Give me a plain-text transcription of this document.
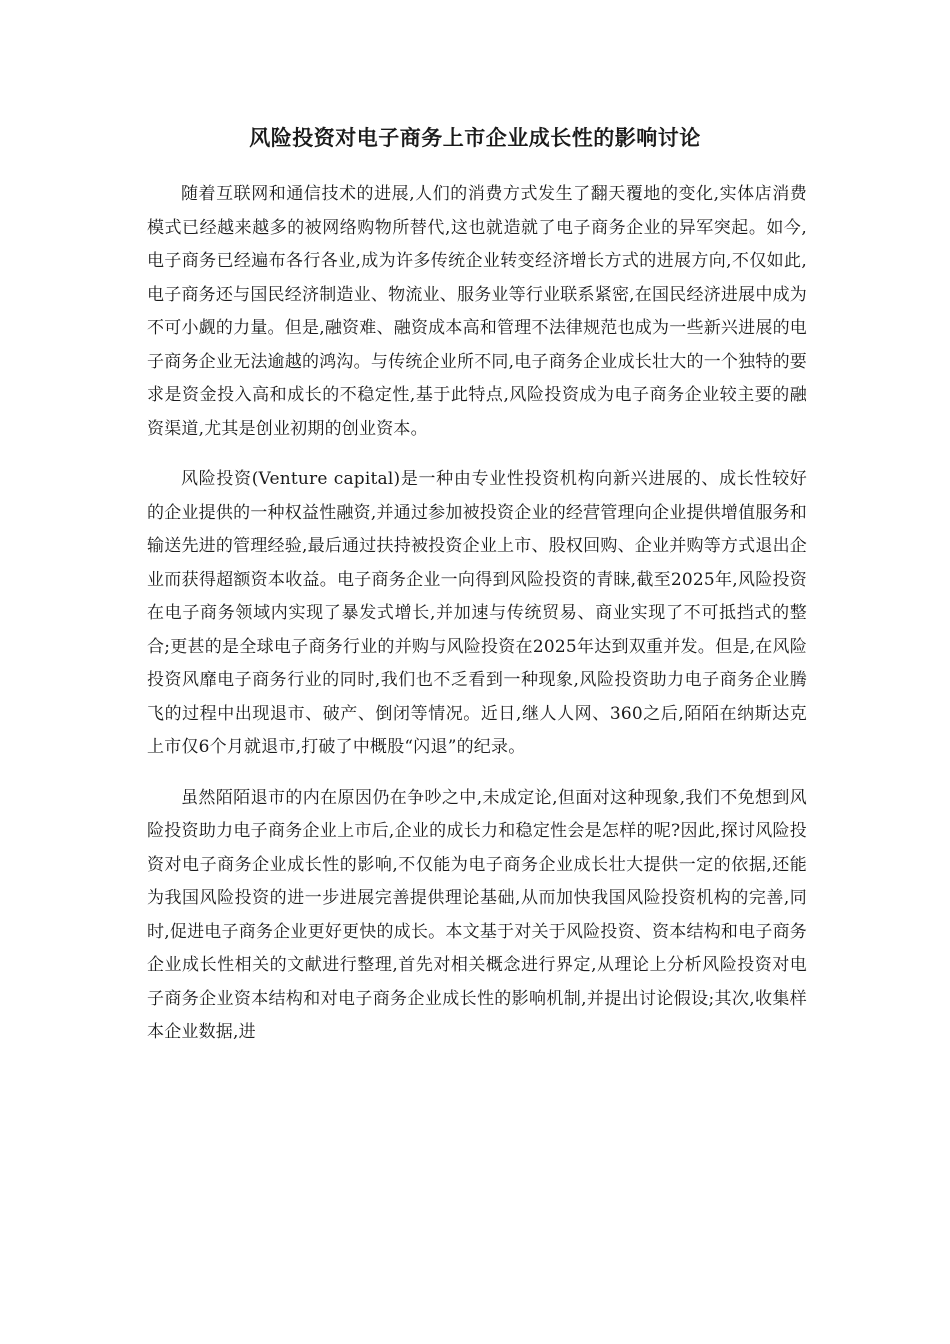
风险投资对电子商务上市企业成长性的影响讨论

随着互联网和通信技术的进展,人们的消费方式发生了翻天覆地的变化,实体店消费模式已经越来越多的被网络购物所替代,这也就造就了电子商务企业的异军突起。如今,电子商务已经遍布各行各业,成为许多传统企业转变经济增长方式的进展方向,不仅如此,电子商务还与国民经济制造业、物流业、服务业等行业联系紧密,在国民经济进展中成为不可小觑的力量。但是,融资难、融资成本高和管理不法律规范也成为一些新兴进展的电子商务企业无法逾越的鸿沟。与传统企业所不同,电子商务企业成长壮大的一个独特的要求是资金投入高和成长的不稳定性,基于此特点,风险投资成为电子商务企业较主要的融资渠道,尤其是创业初期的创业资本。

风险投资(Venture capital)是一种由专业性投资机构向新兴进展的、成长性较好的企业提供的一种权益性融资,并通过参加被投资企业的经营管理向企业提供增值服务和输送先进的管理经验,最后通过扶持被投资企业上市、股权回购、企业并购等方式退出企业而获得超额资本收益。电子商务企业一向得到风险投资的青睐,截至2025年,风险投资在电子商务领域内实现了暴发式增长,并加速与传统贸易、商业实现了不可抵挡式的整合;更甚的是全球电子商务行业的并购与风险投资在2025年达到双重并发。但是,在风险投资风靡电子商务行业的同时,我们也不乏看到一种现象,风险投资助力电子商务企业腾飞的过程中出现退市、破产、倒闭等情况。近日,继人人网、360之后,陌陌在纳斯达克上市仅6个月就退市,打破了中概股“闪退”的纪录。

虽然陌陌退市的内在原因仍在争吵之中,未成定论,但面对这种现象,我们不免想到风险投资助力电子商务企业上市后,企业的成长力和稳定性会是怎样的呢?因此,探讨风险投资对电子商务企业成长性的影响,不仅能为电子商务企业成长壮大提供一定的依据,还能为我国风险投资的进一步进展完善提供理论基础,从而加快我国风险投资机构的完善,同时,促进电子商务企业更好更快的成长。本文基于对关于风险投资、资本结构和电子商务企业成长性相关的文献进行整理,首先对相关概念进行界定,从理论上分析风险投资对电子商务企业资本结构和对电子商务企业成长性的影响机制,并提出讨论假设;其次,收集样本企业数据,进
